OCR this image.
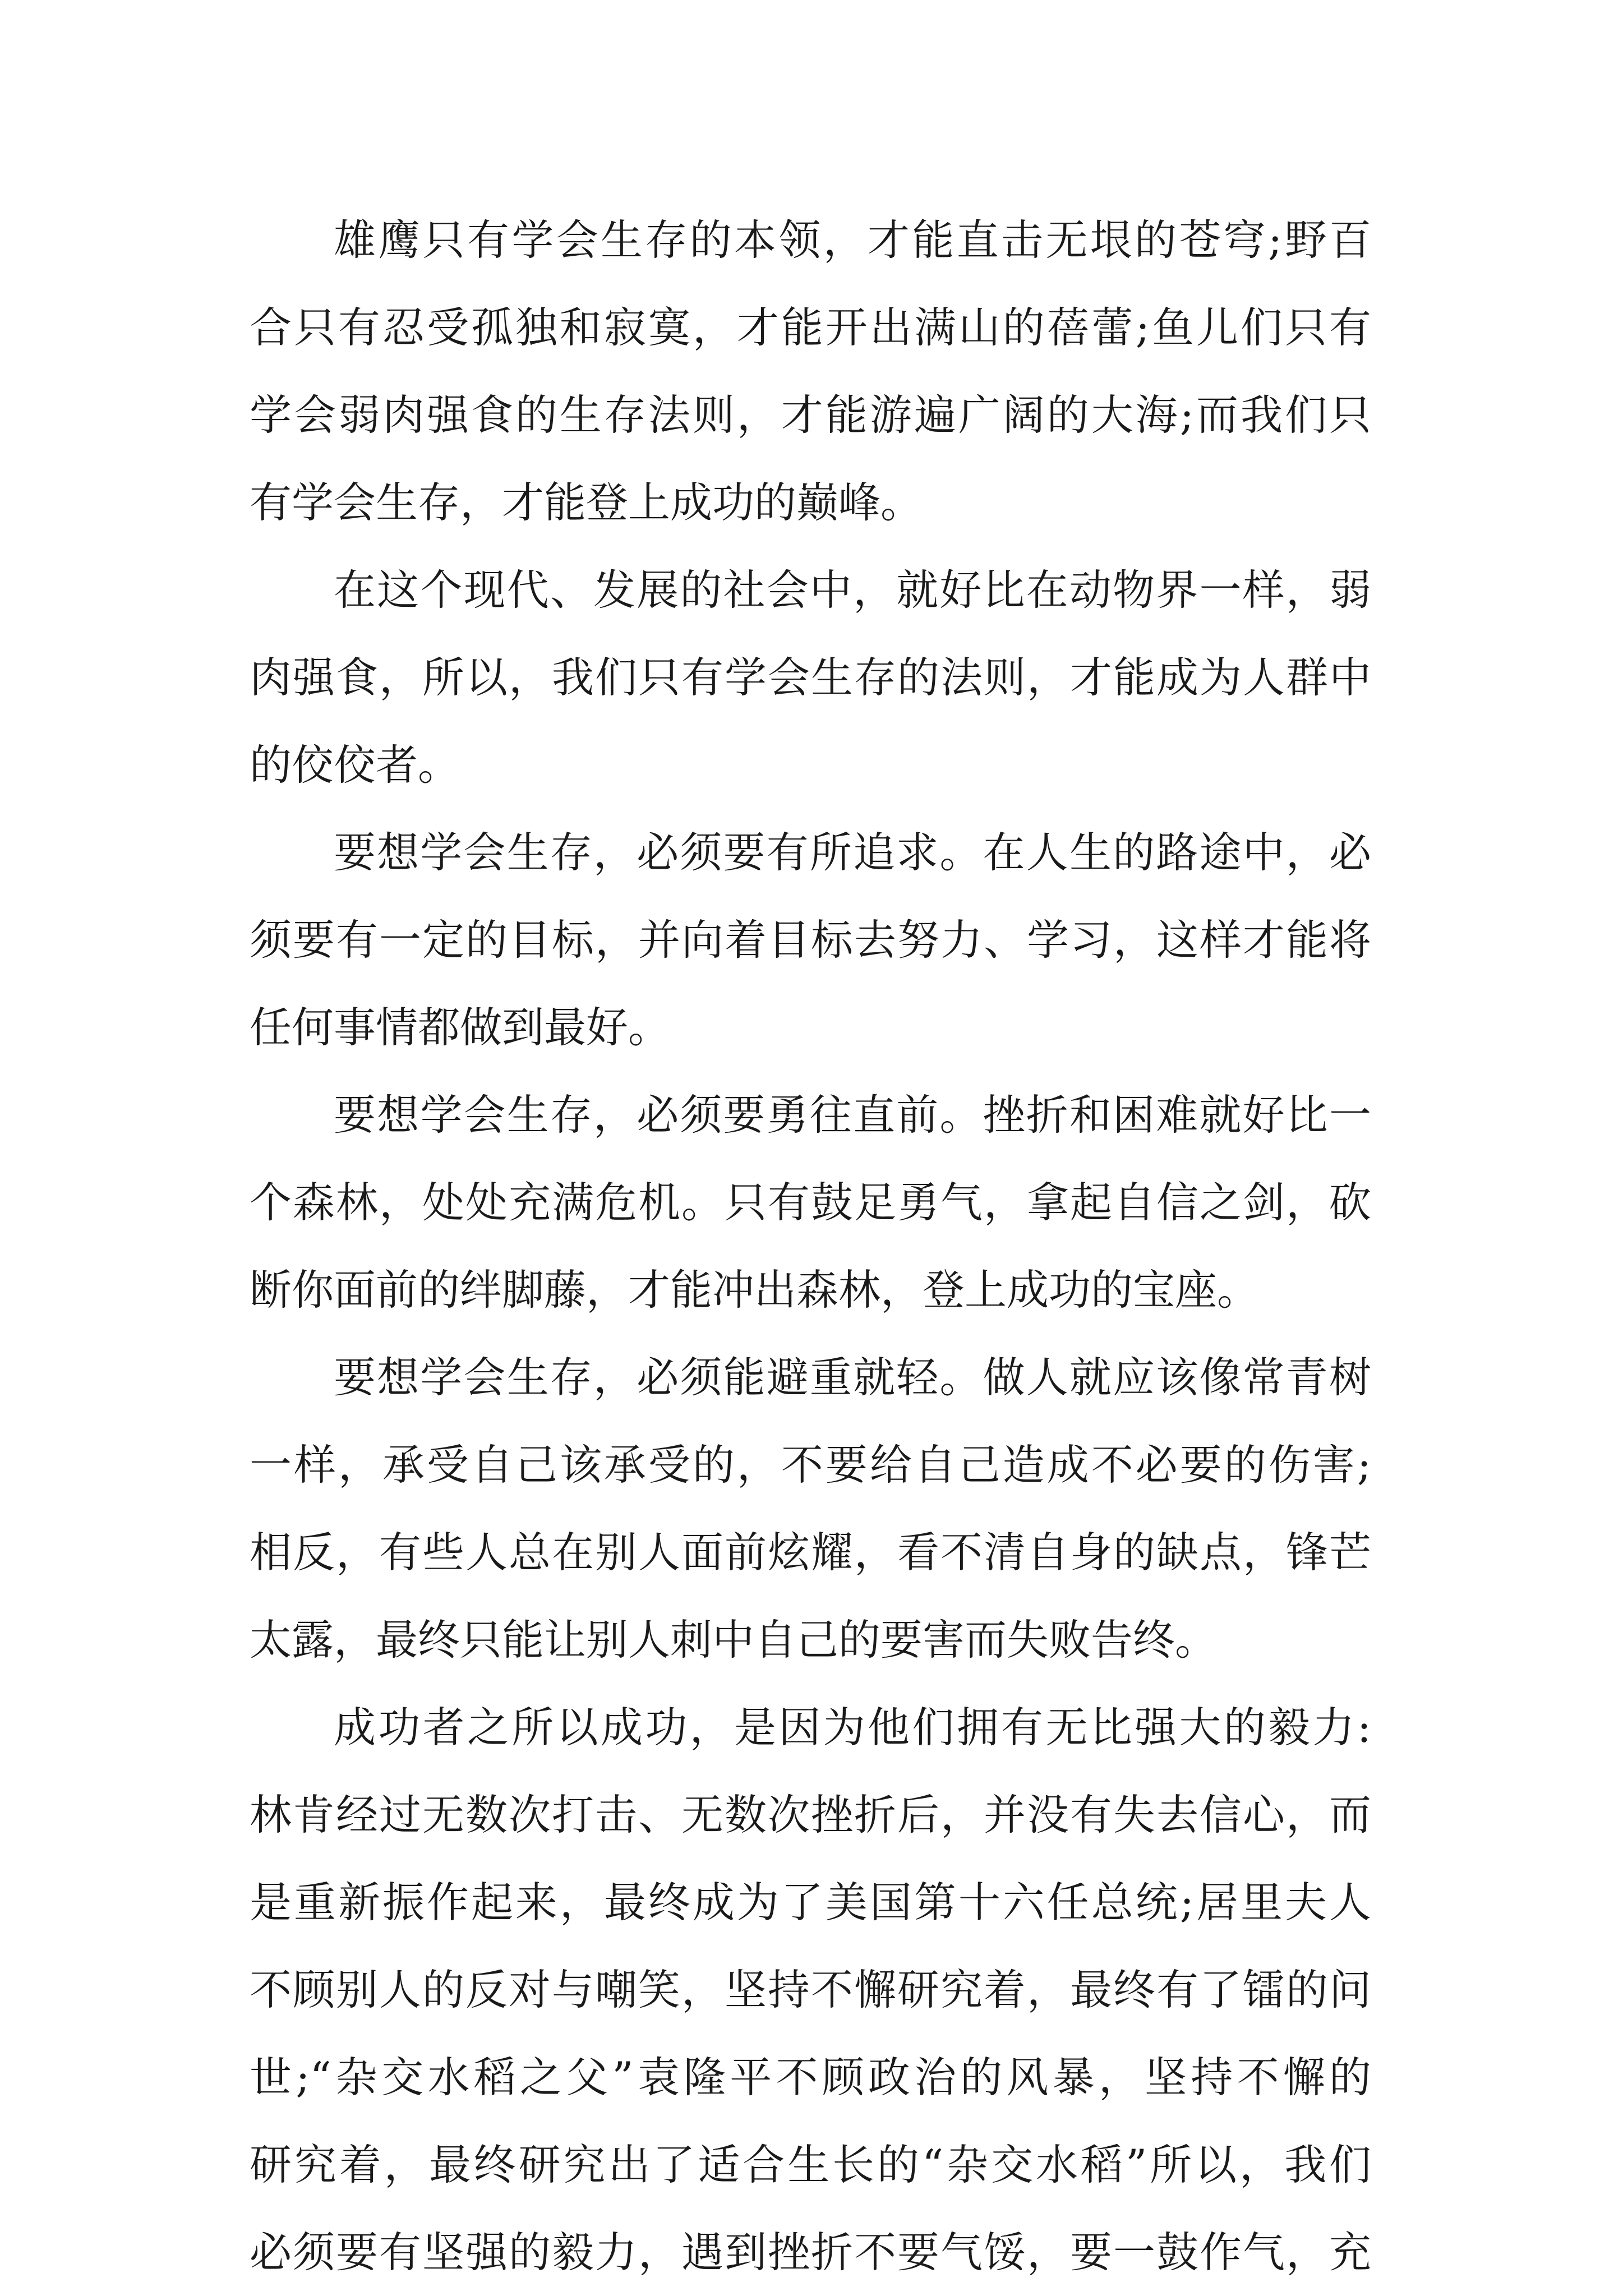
雄鹰只有学会生存的本领，才能直击无垠的苍穹;野百
合只有忍受孤独和寂寞，才能开出满山的蓓蕾;鱼儿们只有
学会弱肉强食的生存法则，才能游遍广阔的大海;而我们只
有学会生存，才能登上成功的巅峰。
在这个现代、发展的社会中，就好比在动物界一样，弱
肉强食，所以，我们只有学会生存的法则，才能成为人群中
的佼佼者。
要想学会生存，必须要有所追求。在人生的路途中，必
须要有一定的目标，并向着目标去努力、学习，这样才能将
任何事情都做到最好。
要想学会生存，必须要勇往直前。挫折和困难就好比一
个森林，处处充满危机。只有鼓足勇气，拿起自信之剑，砍
断你面前的绊脚藤，才能冲出森林，登上成功的宝座。
要想学会生存，必须能避重就轻。做人就应该像常青树
一样，承受自己该承受的，不要给自己造成不必要的伤害;
相反，有些人总在别人面前炫耀，看不清自身的缺点，锋芒
太露，最终只能让别人刺中自己的要害而失败告终。
成功者之所以成功，是因为他们拥有无比强大的毅力:
林肯经过无数次打击、无数次挫折后，并没有失去信心，而
是重新振作起来，最终成为了美国第十六任总统;居里夫人
不顾别人的反对与嘲笑，坚持不懈研究着，最终有了镭的问
世;“杂交水稻之父”袁隆平不顾政治的风暴，坚持不懈的
研究着，最终研究出了适合生长的“杂交水稻”所以，我们
必须要有坚强的毅力，遇到挫折不要气馁，要一鼓作气，充
